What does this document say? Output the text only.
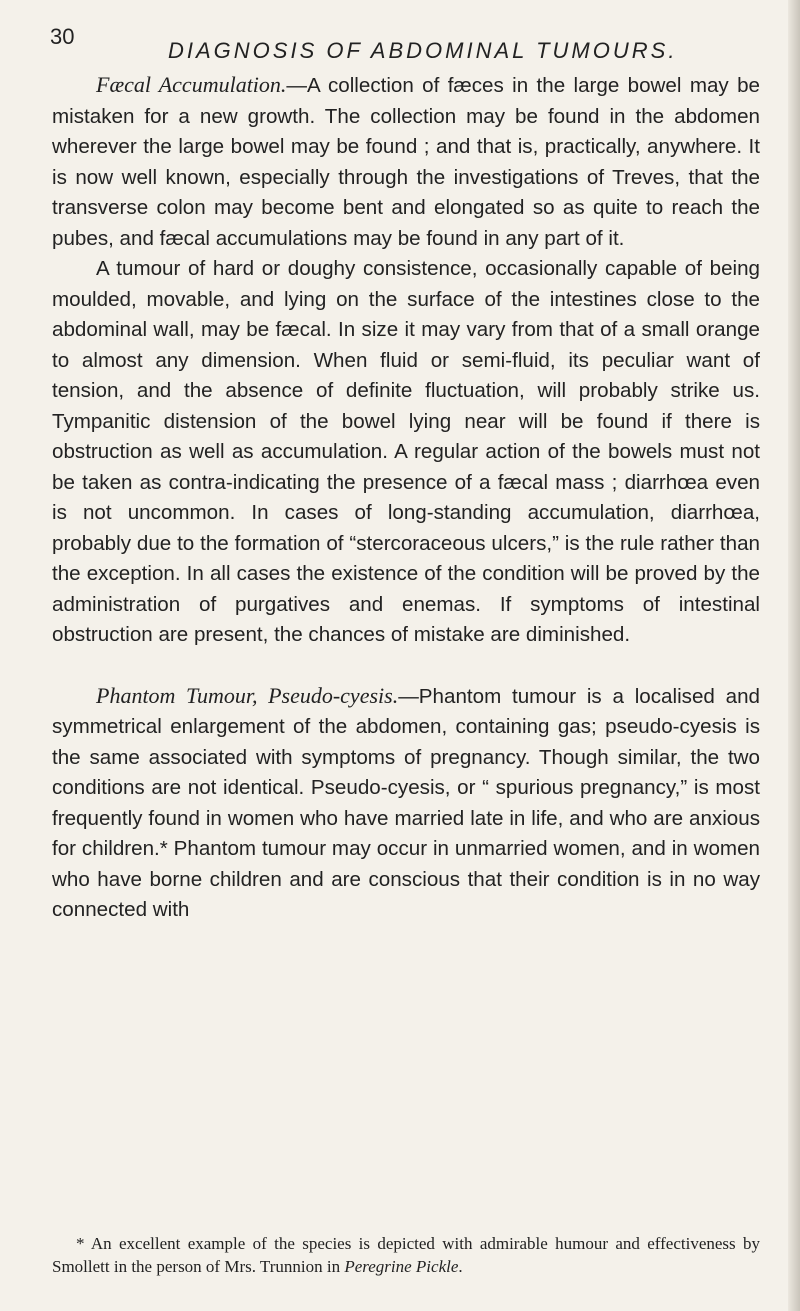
30
DIAGNOSIS OF ABDOMINAL TUMOURS.

Fæcal Accumulation.—A collection of fæces in the large bowel may be mistaken for a new growth. The collection may be found in the abdomen wherever the large bowel may be found ; and that is, practically, anywhere. It is now well known, especially through the investigations of Treves, that the transverse colon may become bent and elongated so as quite to reach the pubes, and fæcal accumulations may be found in any part of it.

A tumour of hard or doughy consistence, occasionally capable of being moulded, movable, and lying on the surface of the intestines close to the abdominal wall, may be fæcal. In size it may vary from that of a small orange to almost any dimension. When fluid or semi-fluid, its peculiar want of tension, and the absence of definite fluctuation, will probably strike us. Tympanitic distension of the bowel lying near will be found if there is obstruction as well as accumulation. A regular action of the bowels must not be taken as contra-indicating the presence of a fæcal mass ; diarrhœa even is not uncommon. In cases of long-standing accumulation, diarrhœa, probably due to the formation of “stercoraceous ulcers,” is the rule rather than the exception. In all cases the existence of the condition will be proved by the administration of purgatives and enemas. If symptoms of intestinal obstruction are present, the chances of mistake are diminished.

Phantom Tumour, Pseudo-cyesis.—Phantom tumour is a localised and symmetrical enlargement of the abdomen, containing gas; pseudo-cyesis is the same associated with symptoms of pregnancy. Though similar, the two conditions are not identical. Pseudo-cyesis, or “ spurious pregnancy,” is most frequently found in women who have married late in life, and who are anxious for children.* Phantom tumour may occur in unmarried women, and in women who have borne children and are conscious that their condition is in no way connected with

* An excellent example of the species is depicted with admirable humour and effectiveness by Smollett in the person of Mrs. Trunnion in Peregrine Pickle.
